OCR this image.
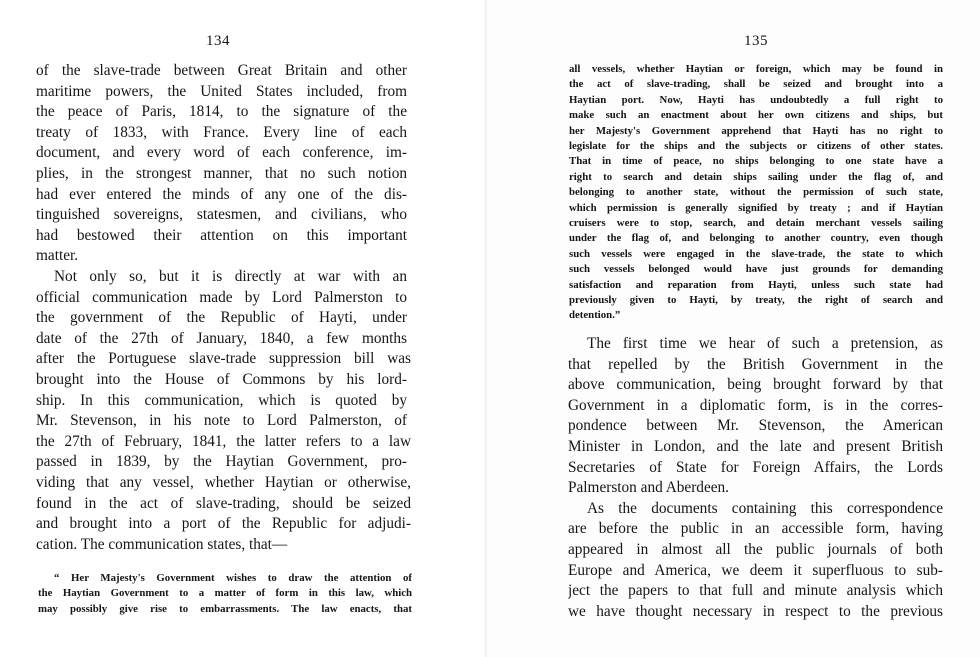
134
of the slave-trade between Great Britain and other
maritime powers, the United States included, from
the peace of Paris, 1814, to the signature of the
treaty of 1833, with France. Every line of each
document, and every word of each conference, im-
plies, in the strongest manner, that no such notion
had ever entered the minds of any one of the dis-
tinguished sovereigns, statesmen, and civilians, who
had bestowed their attention on this important
matter.
Not only so, but it is directly at war with an
official communication made by Lord Palmerston to
the government of the Republic of Hayti, under
date of the 27th of January, 1840, a few months
after the Portuguese slave-trade suppression bill was
brought into the House of Commons by his lord-
ship. In this communication, which is quoted by
Mr. Stevenson, in his note to Lord Palmerston, of
the 27th of February, 1841, the latter refers to a law
passed in 1839, by the Haytian Government, pro-
viding that any vessel, whether Haytian or otherwise,
found in the act of slave-trading, should be seized
and brought into a port of the Republic for adjudi-
cation. The communication states, that—
“ Her Majesty's Government wishes to draw the attention of
the Haytian Government to a matter of form in this law, which
may possibly give rise to embarrassments. The law enacts, that
135
all vessels, whether Haytian or foreign, which may be found in
the act of slave-trading, shall be seized and brought into a
Haytian port. Now, Hayti has undoubtedly a full right to
make such an enactment about her own citizens and ships, but
her Majesty's Government apprehend that Hayti has no right to
legislate for the ships and the subjects or citizens of other states.
That in time of peace, no ships belonging to one state have a
right to search and detain ships sailing under the flag of, and
belonging to another state, without the permission of such state,
which permission is generally signified by treaty ; and if Haytian
cruisers were to stop, search, and detain merchant vessels sailing
under the flag of, and belonging to another country, even though
such vessels were engaged in the slave-trade, the state to which
such vessels belonged would have just grounds for demanding
satisfaction and reparation from Hayti, unless such state had
previously given to Hayti, by treaty, the right of search and
detention.”
The first time we hear of such a pretension, as
that repelled by the British Government in the
above communication, being brought forward by that
Government in a diplomatic form, is in the corres-
pondence between Mr. Stevenson, the American
Minister in London, and the late and present British
Secretaries of State for Foreign Affairs, the Lords
Palmerston and Aberdeen.
As the documents containing this correspondence
are before the public in an accessible form, having
appeared in almost all the public journals of both
Europe and America, we deem it superfluous to sub-
ject the papers to that full and minute analysis which
we have thought necessary in respect to the previous
